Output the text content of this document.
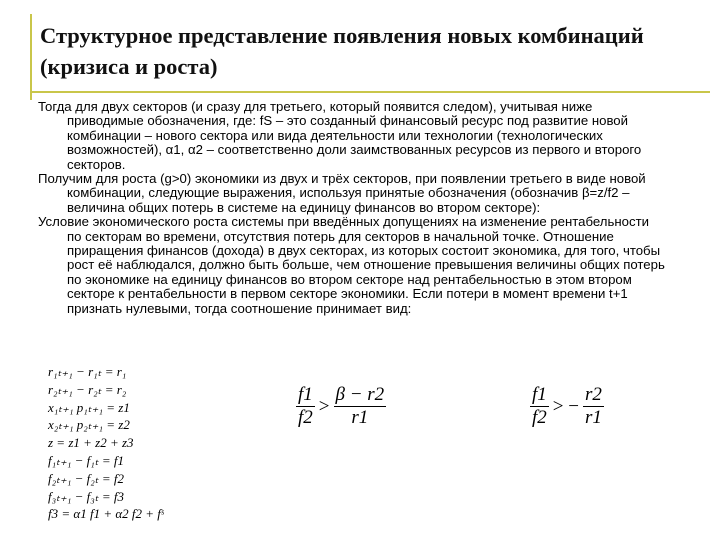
Структурное представление появления новых комбинаций (кризиса и роста)

Тогда для двух секторов (и сразу для третьего, который появится следом), учитывая ниже приводимые обозначения, где: fS – это созданный финансовый ресурс под развитие новой комбинации – нового сектора или вида деятельности или технологии (технологических возможностей), α1, α2 – соответственно доли заимствованных ресурсов из первого и второго секторов.

Получим для роста (g>0) экономики из двух и трёх секторов, при появлении третьего в виде новой комбинации, следующие выражения, используя принятые обозначения (обозначив β=z/f2 – величина общих потерь в системе на единицу финансов во втором секторе):

Условие экономического роста системы при введённых допущениях на изменение рентабельности по секторам во времени, отсутствия потерь для секторов в начальной точке. Отношение приращения финансов (дохода) в двух секторах, из которых состоит экономика, для того, чтобы рост её наблюдался, должно быть больше, чем отношение превышения величины общих потерь по экономике на единицу финансов во втором секторе над рентабельностью в этом втором секторе к рентабельности в первом секторе экономики. Если потери в момент времени t+1 признать нулевыми, тогда соотношение принимает вид:

r₁ₜ₊₁ − r₁ₜ = r₁
r₂ₜ₊₁ − r₂ₜ = r₂
x₁ₜ₊₁ p₁ₜ₊₁ = z1
x₂ₜ₊₁ p₂ₜ₊₁ = z2
z = z1 + z2 + z3
f₁ₜ₊₁ − f₁ₜ = f1
f₂ₜ₊₁ − f₂ₜ = f2
f₃ₜ₊₁ − f₃ₜ = f3
f3 = α1 f1 + α2 f2 + fˢ
$\frac{f1}{f2} > \frac{\beta - r2}{r1}$	$\frac{f1}{f2}$ > − $\frac{r2}{r1}$
